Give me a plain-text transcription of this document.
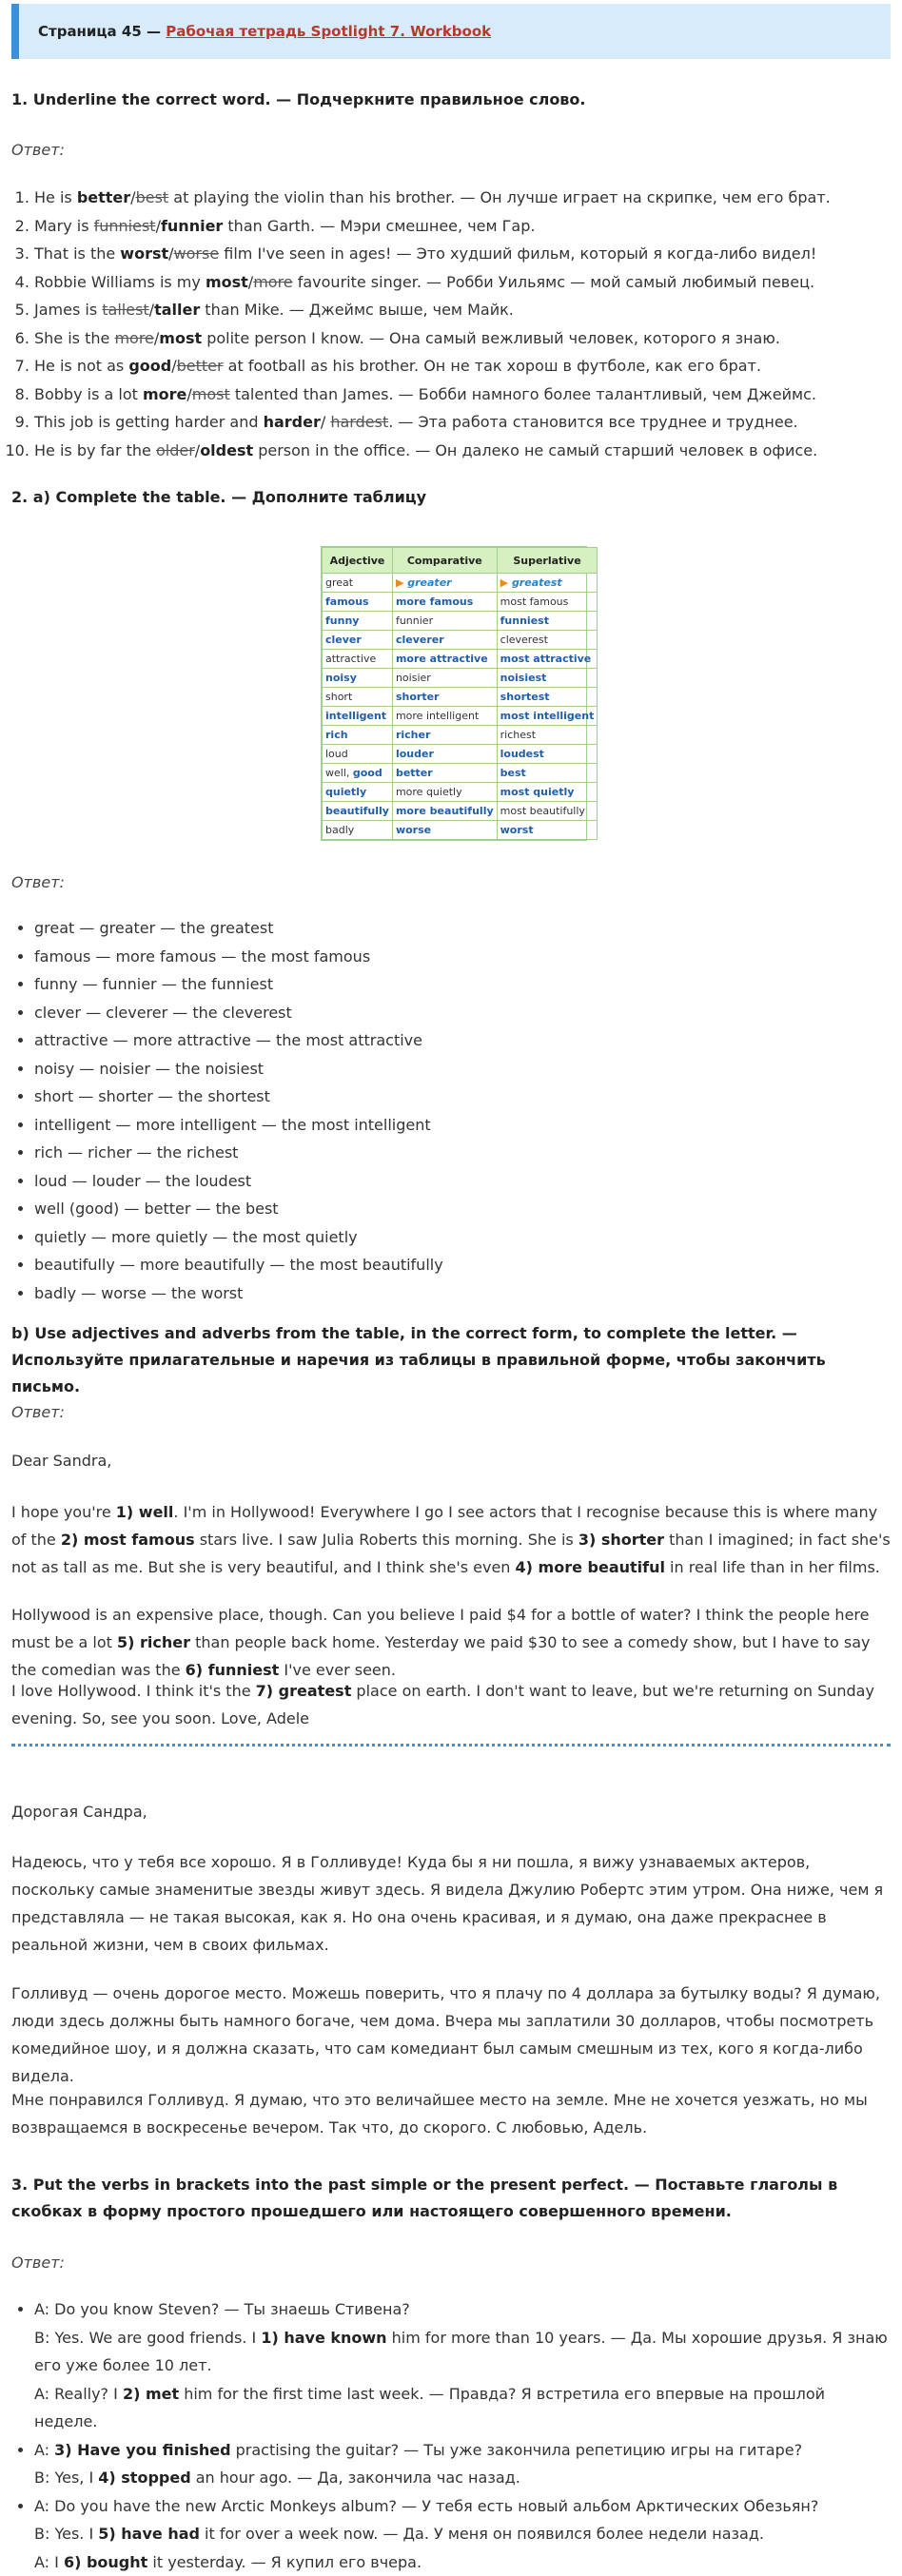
Страница 45 —
Рабочая тетрадь Spotlight 7. Workbook
1. Underline the correct word. — Подчеркните правильное слово.
Ответ:
1. He is better/best at playing the violin than his brother. — Он лучше играет на скрипке, чем его брат.
2. Mary is funniest/funnier than Garth. — Мэри смешнее, чем Гар.
3. That is the worst/worse film I've seen in ages! — Это худший фильм, который я когда-либо видел!
4. Robbie Williams is my most/more favourite singer. — Робби Уильямс — мой самый любимый певец.
5. James is tallest/taller than Mike. — Джеймс выше, чем Майк.
6. She is the more/most polite person I know. — Она самый вежливый человек, которого я знаю.
7. He is not as good/better at football as his brother. Он не так хорош в футболе, как его брат.
8. Bobby is a lot more/most talented than James. — Бобби намного более талантливый, чем Джеймс.
9. This job is getting harder and harder/ hardest. — Эта работа становится все труднее и труднее.
10. He is by far the older/oldest person in the office. — Он далеко не самый старший человек в офисе.
2. a) Complete the table. — Дополните таблицу
Adjective	Comparative	Superlative
great	▶ greater	▶ greatest
famous	more famous	most famous
funny	funnier	funniest
clever	cleverer	cleverest
attractive	more attractive	most attractive
noisy	noisier	noisiest
short	shorter	shortest
intelligent	more intelligent	most intelligent
rich	richer	richest
loud	louder	loudest
well, good	better	best
quietly	more quietly	most quietly
beautifully	more beautifully	most beautifully
badly	worse	worst
Ответ:
• great — greater — the greatest
• famous — more famous — the most famous
• funny — funnier — the funniest
• clever — cleverer — the cleverest
• attractive — more attractive — the most attractive
• noisy — noisier — the noisiest
• short — shorter — the shortest
• intelligent — more intelligent — the most intelligent
• rich — richer — the richest
• loud — louder — the loudest
• well (good) — better — the best
• quietly — more quietly — the most quietly
• beautifully — more beautifully — the most beautifully
• badly — worse — the worst
b) Use adjectives and adverbs from the table, in the correct form, to complete the letter. — Используйте прилагательные и наречия из таблицы в правильной форме, чтобы закончить письмо.
Ответ:

Dear Sandra,

I hope you're 1) well. I'm in Hollywood! Everywhere I go I see actors that I recognise because this is where many of the 2) most famous stars live. I saw Julia Roberts this morning. She is 3) shorter than I imagined; in fact she's not as tall as me. But she is very beautiful, and I think she's even 4) more beautiful in real life than in her films.

Hollywood is an expensive place, though. Can you believe I paid $4 for a bottle of water? I think the people here must be a lot 5) richer than people back home. Yesterday we paid $30 to see a comedy show, but I have to say the comedian was the 6) funniest I've ever seen.

I love Hollywood. I think it's the 7) greatest place on earth. I don't want to leave, but we're returning on Sunday evening. So, see you soon. Love, Adele

Дорогая Сандра,

Надеюсь, что у тебя все хорошо. Я в Голливуде! Куда бы я ни пошла, я вижу узнаваемых актеров, поскольку самые знаменитые звезды живут здесь. Я видела Джулию Робертс этим утром. Она ниже, чем я представляла — не такая высокая, как я. Но она очень красивая, и я думаю, она даже прекраснее в реальной жизни, чем в своих фильмах.

Голливуд — очень дорогое место. Можешь поверить, что я плачу по 4 доллара за бутылку воды? Я думаю, люди здесь должны быть намного богаче, чем дома. Вчера мы заплатили 30 долларов, чтобы посмотреть комедийное шоу, и я должна сказать, что сам комедиант был самым смешным из тех, кого я когда-либо видела.

Мне понравился Голливуд. Я думаю, что это величайшее место на земле. Мне не хочется уезжать, но мы возвращаемся в воскресенье вечером. Так что, до скорого. С любовью, Адель.

3. Put the verbs in brackets into the past simple or the present perfect. — Поставьте глаголы в скобках в форму простого прошедшего или настоящего совершенного времени.
Ответ:
• A: Do you know Steven? — Ты знаешь Стивена?
B: Yes. We are good friends. I 1) have known him for more than 10 years. — Да. Мы хорошие друзья. Я знаю его уже более 10 лет.
A: Really? I 2) met him for the first time last week. — Правда? Я встретила его впервые на прошлой неделе.
• A: 3) Have you finished practising the guitar? — Ты уже закончила репетицию игры на гитаре?
B: Yes, I 4) stopped an hour ago. — Да, закончила час назад.
• A: Do you have the new Arctic Monkeys album? — У тебя есть новый альбом Арктических Обезьян?
B: Yes. I 5) have had it for over a week now. — Да. У меня он появился более недели назад.
A: I 6) bought it yesterday. — Я купил его вчера.
